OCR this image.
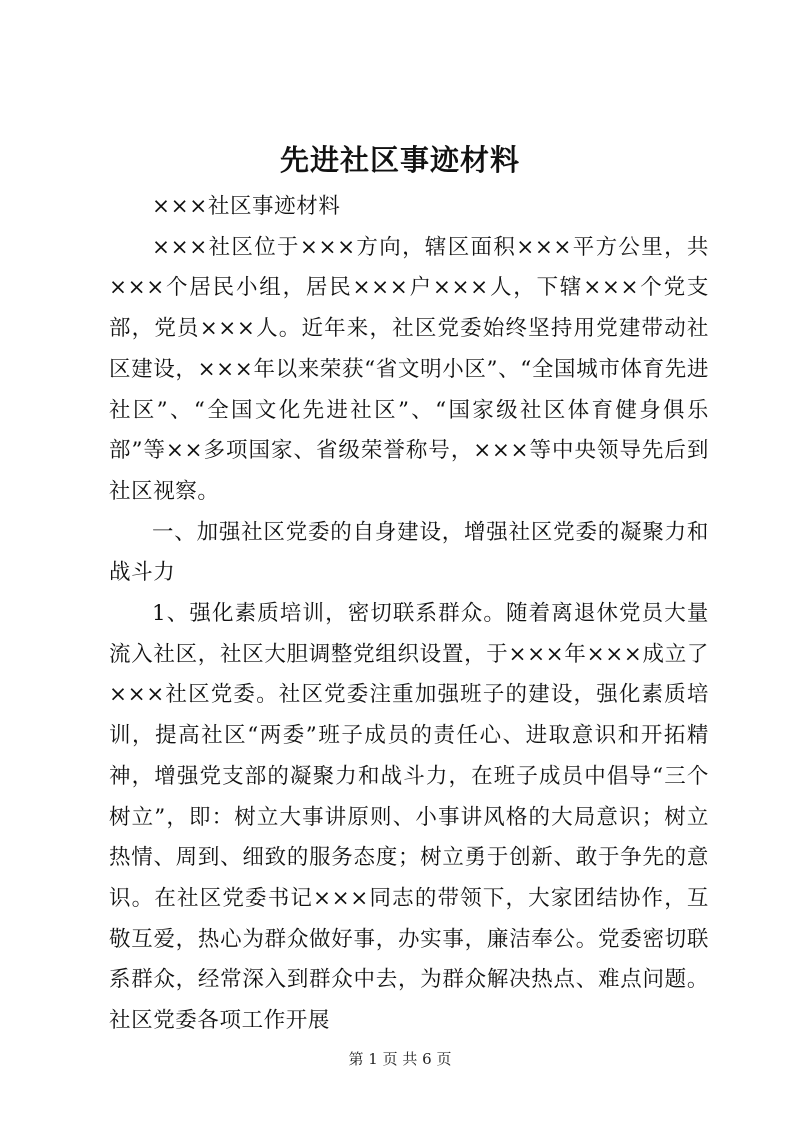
先进社区事迹材料

×××社区事迹材料

×××社区位于×××方向，辖区面积×××平方公里，共×××个居民小组，居民×××户×××人，下辖×××个党支部，党员×××人。近年来，社区党委始终坚持用党建带动社区建设，×××年以来荣获“省文明小区”、“全国城市体育先进社区”、“全国文化先进社区”、“国家级社区体育健身俱乐部”等××多项国家、省级荣誉称号，×××等中央领导先后到社区视察。

一、加强社区党委的自身建设，增强社区党委的凝聚力和战斗力

1、强化素质培训，密切联系群众。随着离退休党员大量流入社区，社区大胆调整党组织设置，于×××年×××成立了×××社区党委。社区党委注重加强班子的建设，强化素质培训，提高社区“两委”班子成员的责任心、进取意识和开拓精神，增强党支部的凝聚力和战斗力，在班子成员中倡导“三个树立”，即：树立大事讲原则、小事讲风格的大局意识；树立热情、周到、细致的服务态度；树立勇于创新、敢于争先的意识。在社区党委书记×××同志的带领下，大家团结协作，互敬互爱，热心为群众做好事，办实事，廉洁奉公。党委密切联系群众，经常深入到群众中去，为群众解决热点、难点问题。社区党委各项工作开展

第 1 页 共 6 页
